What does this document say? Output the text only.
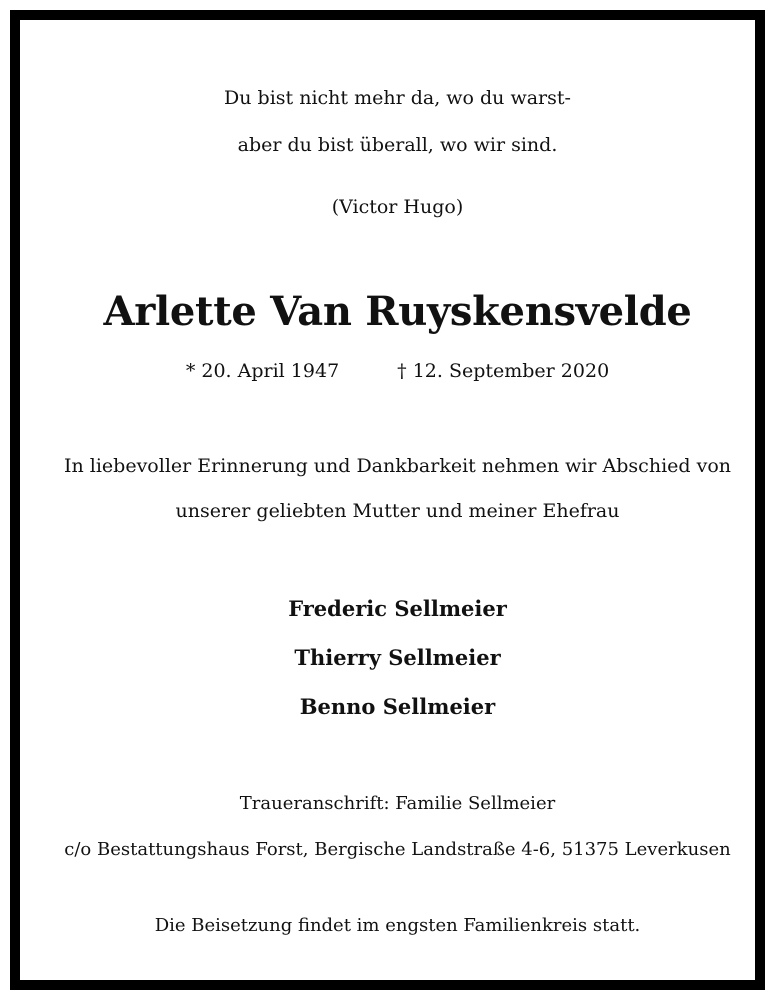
Du bist nicht mehr da, wo du warst-
aber du bist überall, wo wir sind.
(Victor Hugo)
Arlette Van Ruyskensvelde
* 20. April 1947	† 12. September 2020
In liebevoller Erinnerung und Dankbarkeit nehmen wir Abschied von
unserer geliebten Mutter und meiner Ehefrau
Frederic Sellmeier
Thierry Sellmeier
Benno Sellmeier
Traueranschrift: Familie Sellmeier
c/o Bestattungshaus Forst, Bergische Landstraße 4-6, 51375 Leverkusen
Die Beisetzung findet im engsten Familienkreis statt.
